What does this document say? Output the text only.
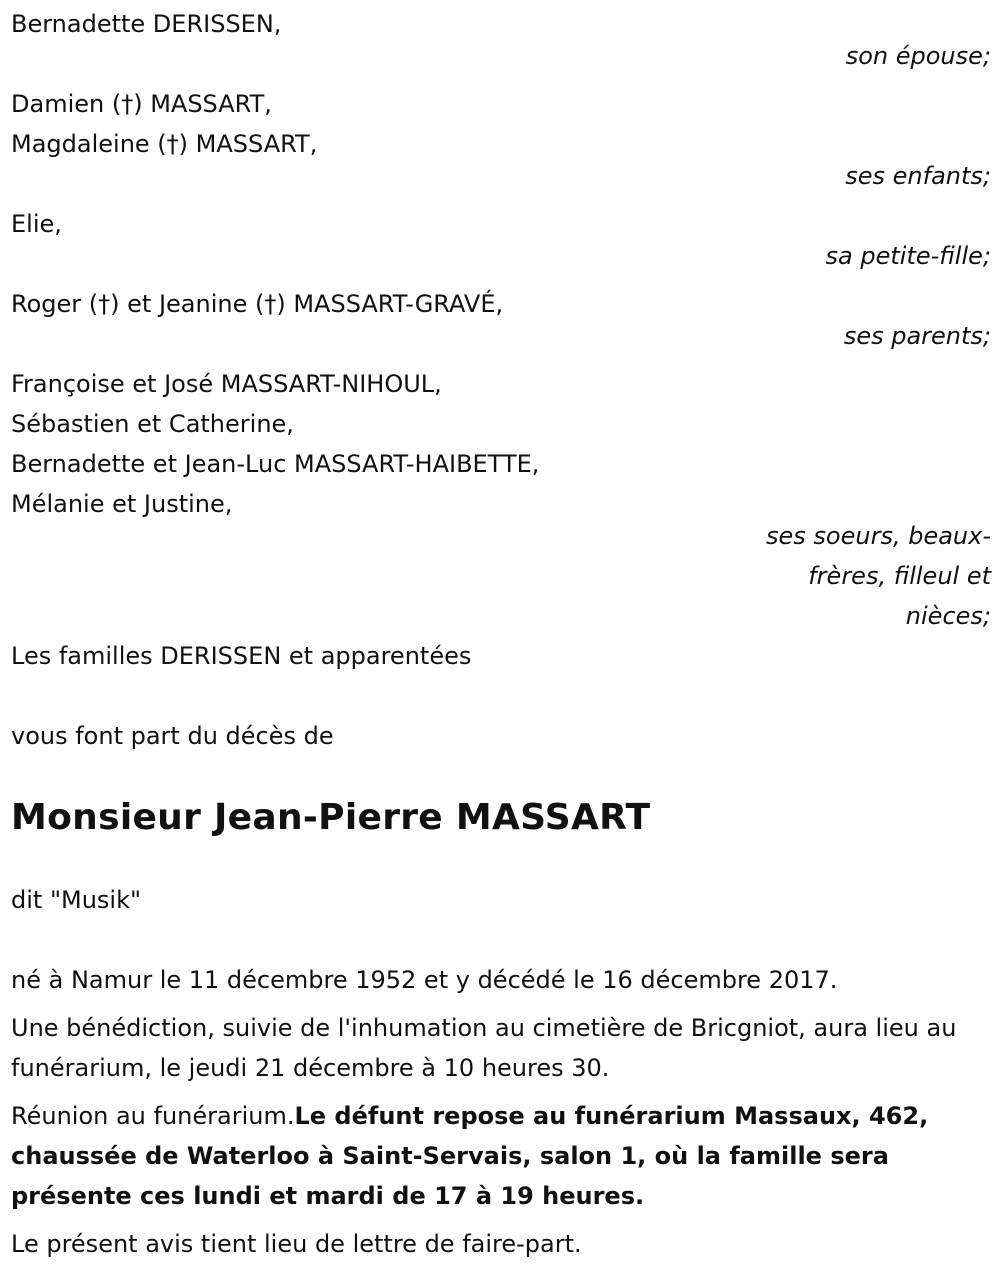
Bernadette DERISSEN,
son épouse;
Damien (†) MASSART,
Magdaleine (†) MASSART,
ses enfants;
Elie,
sa petite-fille;
Roger (†) et Jeanine (†) MASSART-GRAVÉ,
ses parents;
Françoise et José MASSART-NIHOUL,
Sébastien et Catherine,
Bernadette et Jean-Luc MASSART-HAIBETTE,
Mélanie et Justine,
ses soeurs, beaux-
frères, filleul et
nièces;
Les familles DERISSEN et apparentées
vous font part du décès de
Monsieur Jean-Pierre MASSART
dit "Musik"
né à Namur le 11 décembre 1952 et y décédé le 16 décembre 2017.
Une bénédiction, suivie de l'inhumation au cimetière de Bricgniot, aura lieu au funérarium, le jeudi 21 décembre à 10 heures 30.
Réunion au funérarium.Le défunt repose au funérarium Massaux, 462, chaussée de Waterloo à Saint-Servais, salon 1, où la famille sera présente ces lundi et mardi de 17 à 19 heures.
Le présent avis tient lieu de lettre de faire-part.
